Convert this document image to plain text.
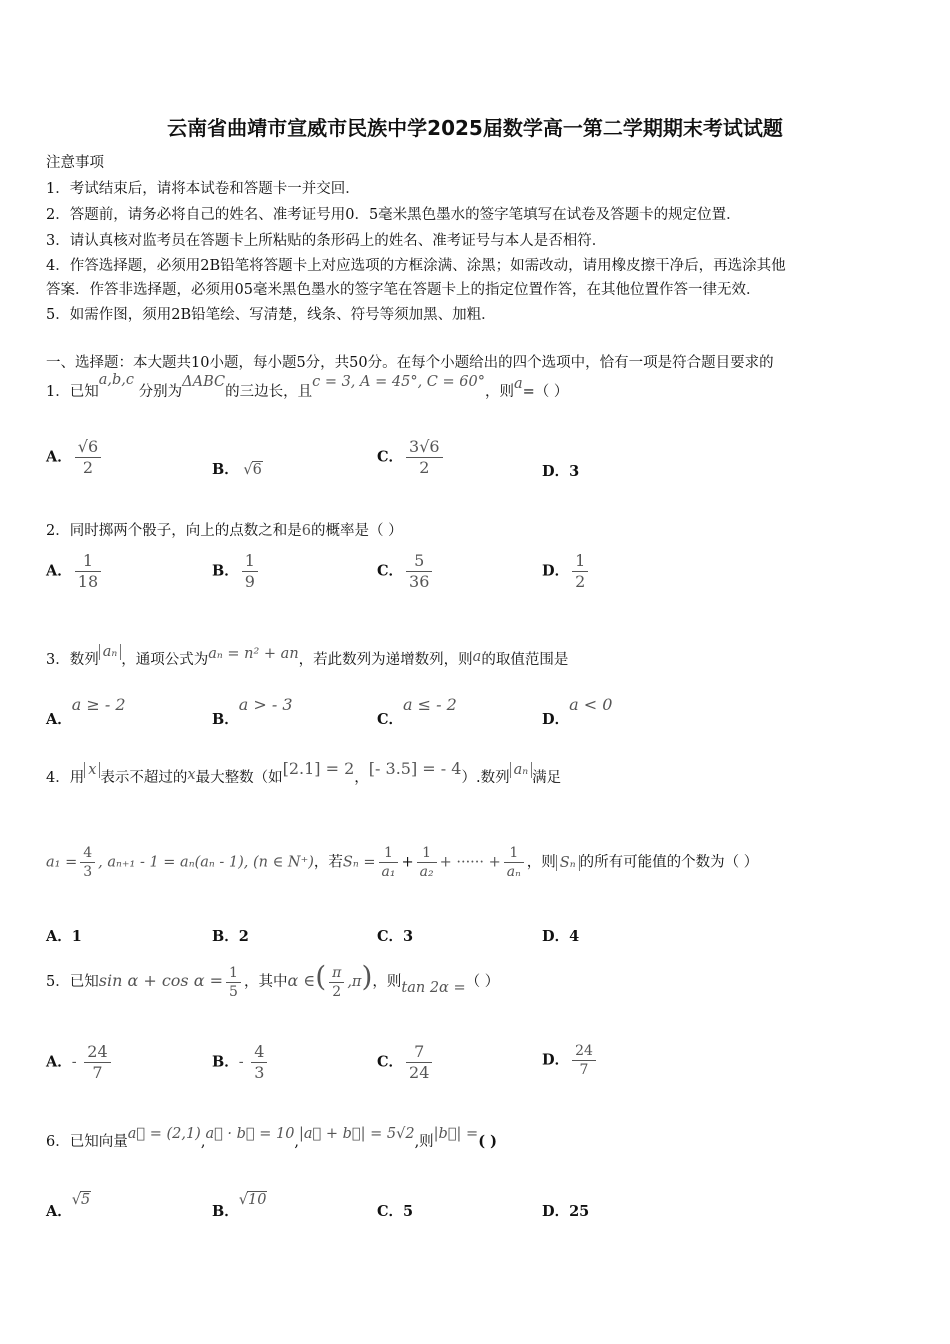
云南省曲靖市宣威市民族中学2025届数学高一第二学期期末考试试题
注意事项
1．考试结束后，请将本试卷和答题卡一并交回．
2．答题前，请务必将自己的姓名、准考证号用0．5毫米黑色墨水的签字笔填写在试卷及答题卡的规定位置．
3．请认真核对监考员在答题卡上所粘贴的条形码上的姓名、准考证号与本人是否相符．
4．作答选择题，必须用2B铅笔将答题卡上对应选项的方框涂满、涂黑；如需改动，请用橡皮擦干净后，再选涂其他
答案．作答非选择题，必须用05毫米黑色墨水的签字笔在答题卡上的指定位置作答，在其他位置作答一律无效．
5．如需作图，须用2B铅笔绘、写清楚，线条、符号等须加黑、加粗．
一、选择题：本大题共10小题，每小题5分，共50分。在每个小题给出的四个选项中，恰有一项是符合题目要求的
1．已知a,b,c 分别为ΔABC的三边长，且c = 3, A = 45°, C = 60°，则a=（ ）
A． $\frac{√6}{2}$	B． √6
C． $\frac{3√6}{2}$	D．3
2．同时掷两个骰子，向上的点数之和是6的概率是（ ）
A． $\frac{1}{18}$	B． $\frac{1}{9}$	C． $\frac{5}{36}$	D． $\frac{1}{2}$
3．数列 aₙ ，通项公式为aₙ = n² + an，若此数列为递增数列，则a的取值范围是
A．a ≥ - 2
B．a > - 3
C．a ≤ - 2
D．a < 0
4．用 x 表示不超过的x最大整数（如[2.1] = 2，[- 3.5] = - 4）.数列 aₙ 满足
$a_1 = \frac{4}{3}$ , aₙ₊₁ - 1 = aₙ(aₙ - 1), (n ∈ N⁺)，若$S_n = \frac{1}{\text{a₁}} + \frac{1}{\text{a₂}}$ + ······ + $\frac{1}{\text{aₙ}}$ ，则 Sₙ 的所有可能值的个数为（ ）
A．1	B．2	C．3	D．4
5．已知$\sin \alpha + \cos \alpha = \frac{1}{5}$ ，其中α ∈( $\frac{\pi}{2} ,\pi$)，则tan 2α =（ ）
A．- $\frac{24}{7}$	B．- $\frac{4}{3}$	C． $\frac{7}{24}$	D． $\frac{24}{7}$
6．已知向量a⃗ = (2,1),a⃗ · b⃗ = 10,|a⃗ + b⃗| = 5√2,则|b⃗| =( )
A．√5
B．√10
C．5	D．25
